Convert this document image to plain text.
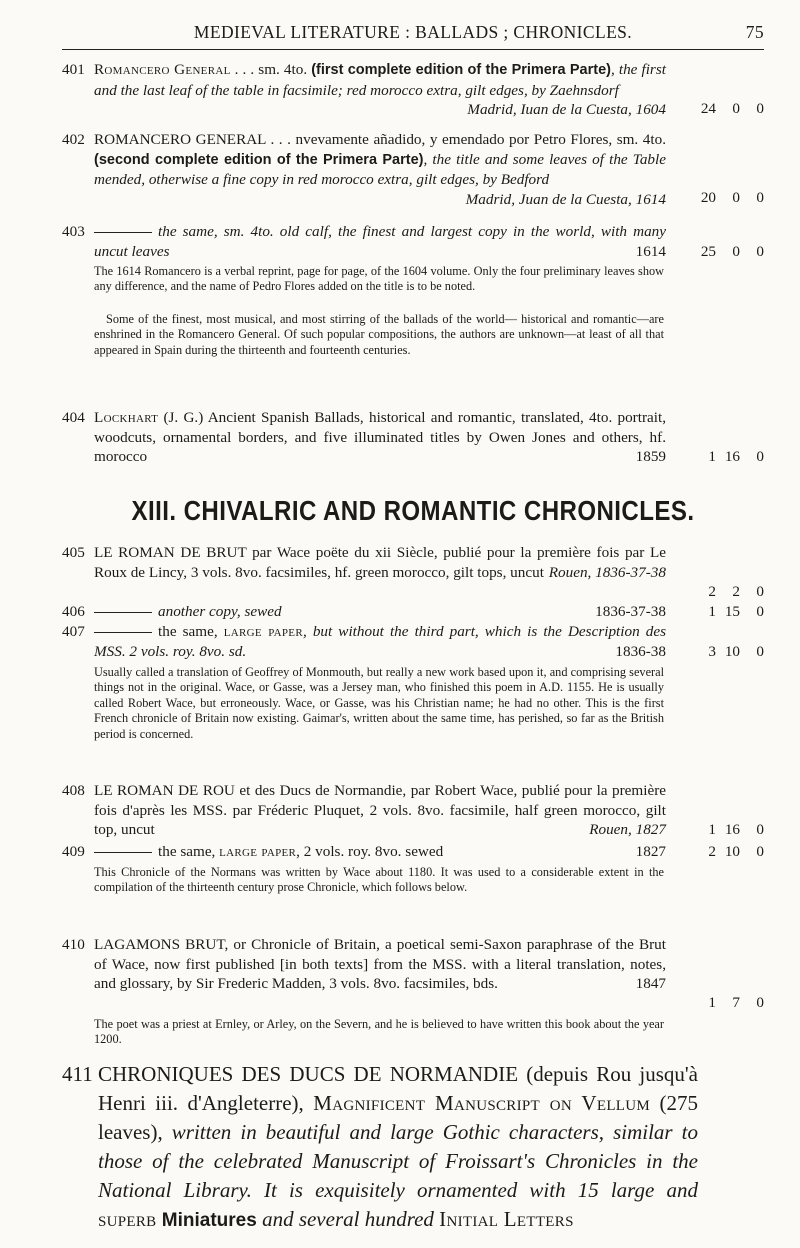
MEDIEVAL LITERATURE : BALLADS ; CHRONICLES.	75
401 Romancero General . . . sm. 4to. (first complete edition of the Primera Parte), the first and the last leaf of the table in facsimile; red morocco extra, gilt edges, by Zaehnsdorf
Madrid, Iuan de la Cuesta, 1604	24	0	0
402 ROMANCERO GENERAL . . . nvevamente añadido, y emendado por Petro Flores, sm. 4to. (second complete edition of the Primera Parte), the title and some leaves of the Table mended, otherwise a fine copy in red morocco extra, gilt edges, by Bedford
Madrid, Juan de la Cuesta, 1614	20	0	0
403	the same, sm. 4to. old calf, the finest and largest copy in the world, with many uncut leaves	1614	25	0	0
The 1614 Romancero is a verbal reprint, page for page, of the 1604 volume. Only the four preliminary leaves show any difference, and the name of Pedro Flores added on the title is to be noted.
Some of the finest, most musical, and most stirring of the ballads of the world— historical and romantic—are enshrined in the Romancero General. Of such popular compositions, the authors are unknown—at least of all that appeared in Spain during the thirteenth and fourteenth centuries.
404 Lockhart (J. G.) Ancient Spanish Ballads, historical and romantic, translated, 4to. portrait, woodcuts, ornamental borders, and five illuminated titles by Owen Jones and others, hf. morocco	1859	1 16	0
XIII. CHIVALRIC AND ROMANTIC CHRONICLES.
405 LE ROMAN DE BRUT par Wace poëte du xii Siècle, publié pour la première fois par Le Roux de Lincy, 3 vols. 8vo. facsimiles, hf. green morocco, gilt tops, uncut Rouen, 1836-37-38
2	2	0
406	another copy, sewed	1836-37-38	1 15	0
407	the same, large paper, but without the third part, which is the Description des MSS. 2 vols. roy. 8vo. sd.	1836-38	3 10	0
Usually called a translation of Geoffrey of Monmouth, but really a new work based upon it, and comprising several things not in the original. Wace, or Gasse, was a Jersey man, who finished this poem in A.D. 1155. He is usually called Robert Wace, but erroneously. Wace, or Gasse, was his Christian name; he had no other. This is the first French chronicle of Britain now existing. Gaimar's, written about the same time, has perished, so far as the British period is concerned.
408 LE ROMAN DE ROU et des Ducs de Normandie, par Robert Wace, publié pour la première fois d'après les MSS. par Fréderic Pluquet, 2 vols. 8vo. facsimile, half green morocco, gilt top, uncut	Rouen, 1827	1 16	0
409	the same, large paper, 2 vols. roy. 8vo. sewed	1827	2 10	0
This Chronicle of the Normans was written by Wace about 1180. It was used to a considerable extent in the compilation of the thirteenth century prose Chronicle, which follows below.
410 LAGAMONS BRUT, or Chronicle of Britain, a poetical semi-Saxon paraphrase of the Brut of Wace, now first published [in both texts] from the MSS. with a literal translation, notes, and glossary, by Sir Frederic Madden, 3 vols. 8vo. facsimiles, bds.	1847
1	7	0
The poet was a priest at Ernley, or Arley, on the Severn, and he is believed to have written this book about the year 1200.
411 CHRONIQUES DES DUCS DE NORMANDIE (depuis Rou jusqu'à Henri iii. d'Angleterre), Magnificent Manuscript on Vellum (275 leaves), written in beautiful and large Gothic characters, similar to those of the celebrated Manuscript of Froissart's Chronicles in the National Library. It is exquisitely ornamented with 15 large and superb Miniatures and several hundred Initial Letters
